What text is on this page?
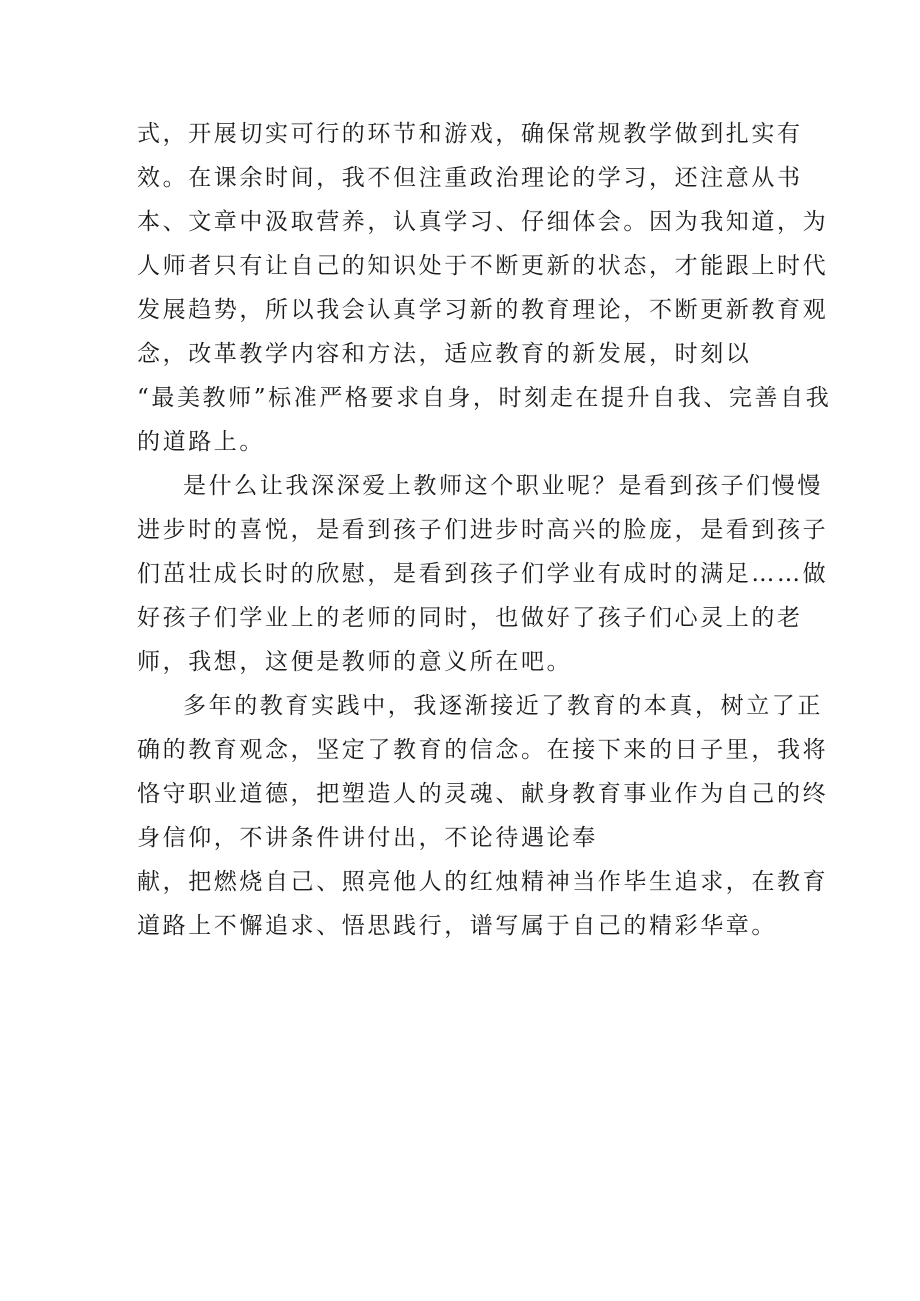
式，开展切实可行的环节和游戏，确保常规教学做到扎实有
效。在课余时间，我不但注重政治理论的学习，还注意从书
本、文章中汲取营养，认真学习、仔细体会。因为我知道，为
人师者只有让自己的知识处于不断更新的状态，才能跟上时代
发展趋势，所以我会认真学习新的教育理论，不断更新教育观
念，改革教学内容和方法，适应教育的新发展，时刻以
“最美教师”标准严格要求自身，时刻走在提升自我、完善自我
的道路上。
是什么让我深深爱上教师这个职业呢？是看到孩子们慢慢
进步时的喜悦，是看到孩子们进步时高兴的脸庞，是看到孩子
们茁壮成长时的欣慰，是看到孩子们学业有成时的满足……做
好孩子们学业上的老师的同时，也做好了孩子们心灵上的老
师，我想，这便是教师的意义所在吧。
多年的教育实践中，我逐渐接近了教育的本真，树立了正
确的教育观念，坚定了教育的信念。在接下来的日子里，我将
恪守职业道德，把塑造人的灵魂、献身教育事业作为自己的终
身信仰，不讲条件讲付出，不论待遇论奉
献，把燃烧自己、照亮他人的红烛精神当作毕生追求，在教育
道路上不懈追求、悟思践行，谱写属于自己的精彩华章。
